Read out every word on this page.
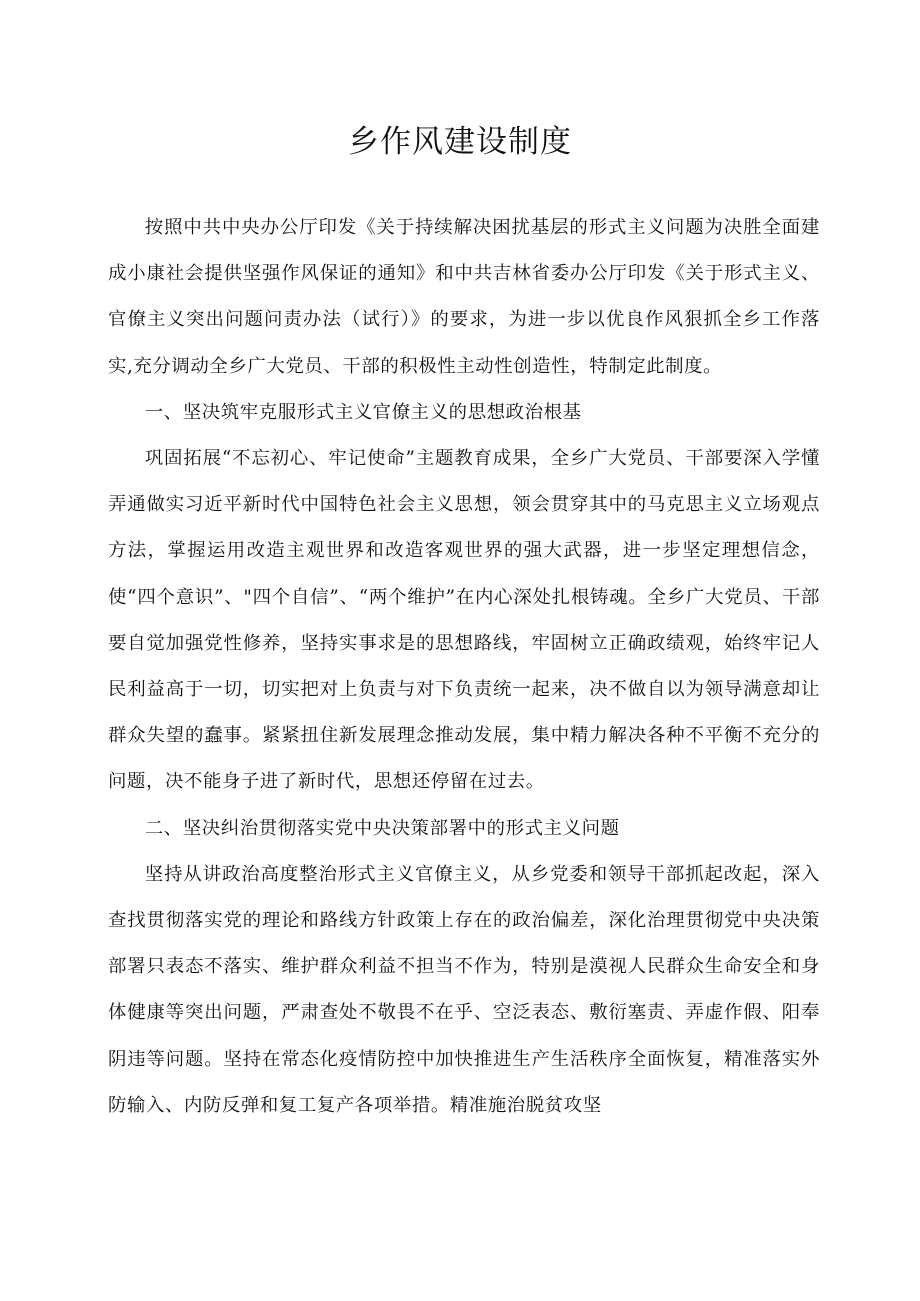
乡作风建设制度

按照中共中央办公厅印发《关于持续解决困扰基层的形式主义问题为决胜全面建成小康社会提供坚强作风保证的通知》和中共吉林省委办公厅印发《关于形式主义、官僚主义突出问题问责办法（试行）》的要求，为进一步以优良作风狠抓全乡工作落实,充分调动全乡广大党员、干部的积极性主动性创造性，特制定此制度。

一、坚决筑牢克服形式主义官僚主义的思想政治根基

巩固拓展“不忘初心、牢记使命”主题教育成果，全乡广大党员、干部要深入学懂弄通做实习近平新时代中国特色社会主义思想，领会贯穿其中的马克思主义立场观点方法，掌握运用改造主观世界和改造客观世界的强大武器，进一步坚定理想信念，使“四个意识”、"四个自信”、“两个维护”在内心深处扎根铸魂。全乡广大党员、干部要自觉加强党性修养，坚持实事求是的思想路线，牢固树立正确政绩观，始终牢记人民利益高于一切，切实把对上负责与对下负责统一起来，决不做自以为领导满意却让群众失望的蠢事。紧紧扭住新发展理念推动发展，集中精力解决各种不平衡不充分的问题，决不能身子进了新时代，思想还停留在过去。

二、坚决纠治贯彻落实党中央决策部署中的形式主义问题

坚持从讲政治高度整治形式主义官僚主义，从乡党委和领导干部抓起改起，深入查找贯彻落实党的理论和路线方针政策上存在的政治偏差，深化治理贯彻党中央决策部署只表态不落实、维护群众利益不担当不作为，特别是漠视人民群众生命安全和身体健康等突出问题，严肃查处不敬畏不在乎、空泛表态、敷衍塞责、弄虚作假、阳奉阴违等问题。坚持在常态化疫情防控中加快推进生产生活秩序全面恢复，精准落实外防输入、内防反弹和复工复产各项举措。精准施治脱贫攻坚
